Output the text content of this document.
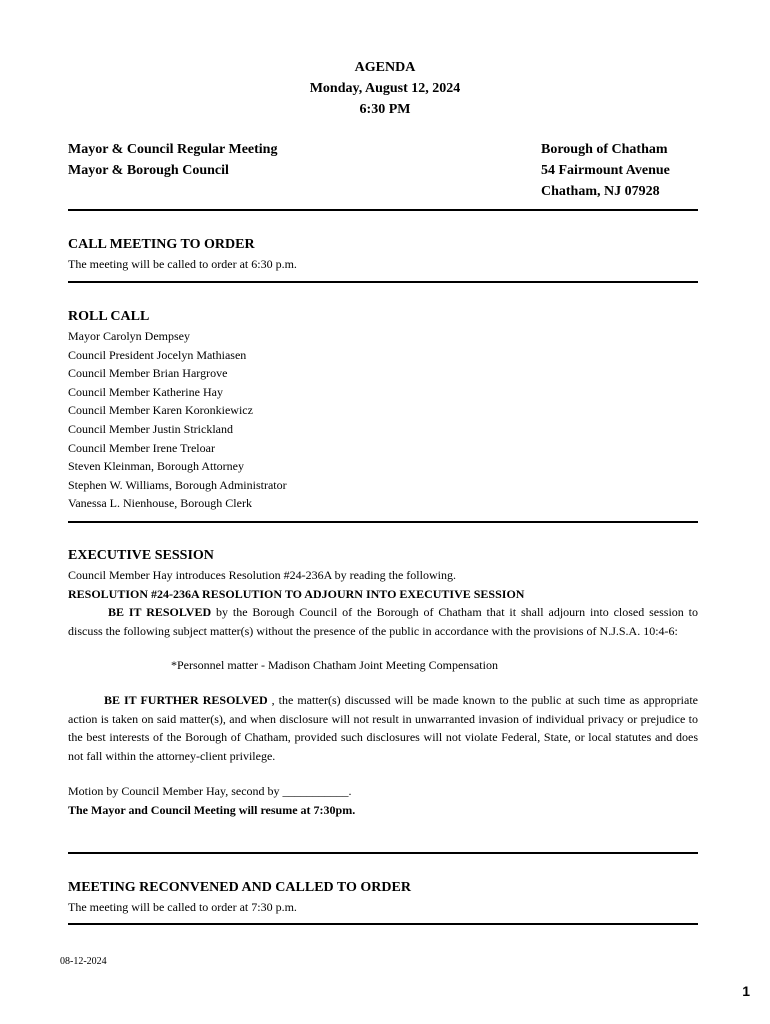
AGENDA
Monday, August 12, 2024
6:30 PM
Mayor & Council Regular Meeting
Mayor & Borough Council
Borough of Chatham
54 Fairmount Avenue
Chatham, NJ 07928
CALL MEETING TO ORDER
The meeting will be called to order at 6:30 p.m.
ROLL CALL
Mayor Carolyn Dempsey
Council President Jocelyn Mathiasen
Council Member Brian Hargrove
Council Member Katherine Hay
Council Member Karen Koronkiewicz
Council Member Justin Strickland
Council Member Irene Treloar
Steven Kleinman, Borough Attorney
Stephen W. Williams, Borough Administrator
Vanessa L. Nienhouse, Borough Clerk
EXECUTIVE SESSION
Council Member Hay introduces Resolution #24-236A by reading the following.
RESOLUTION #24-236A RESOLUTION TO ADJOURN INTO EXECUTIVE SESSION
BE IT RESOLVED by the Borough Council of the Borough of Chatham that it shall adjourn into closed session to discuss the following subject matter(s) without the presence of the public in accordance with the provisions of N.J.S.A. 10:4-6:
*Personnel matter - Madison Chatham Joint Meeting Compensation
BE IT FURTHER RESOLVED , the matter(s) discussed will be made known to the public at such time as appropriate action is taken on said matter(s), and when disclosure will not result in unwarranted invasion of individual privacy or prejudice to the best interests of the Borough of Chatham, provided such disclosures will not violate Federal, State, or local statutes and does not fall within the attorney-client privilege.
Motion by Council Member Hay, second by ___________.
The Mayor and Council Meeting will resume at 7:30pm.
MEETING RECONVENED AND CALLED TO ORDER
The meeting will be called to order at 7:30 p.m.
08-12-2024
1
